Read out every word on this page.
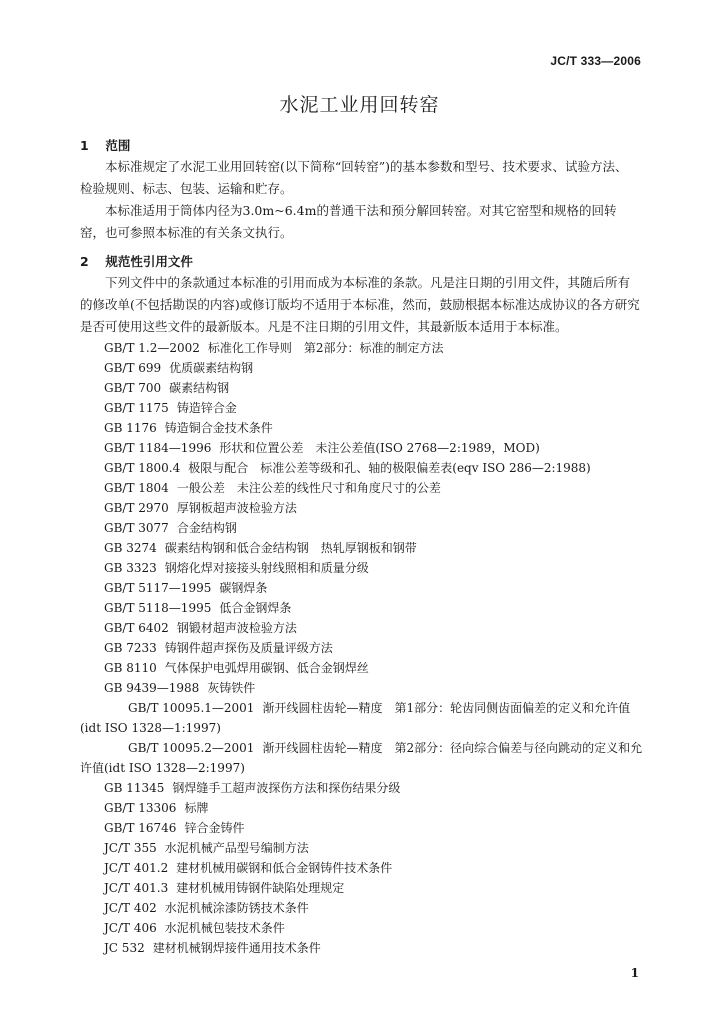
JC/T 333—2006
水泥工业用回转窑
1 范围

本标准规定了水泥工业用回转窑(以下简称“回转窑”)的基本参数和型号、技术要求、试验方法、检验规则、标志、包装、运输和贮存。

本标准适用于筒体内径为3.0m~6.4m的普通干法和预分解回转窑。对其它窑型和规格的回转窑，也可参照本标准的有关条文执行。

2 规范性引用文件

下列文件中的条款通过本标准的引用而成为本标准的条款。凡是注日期的引用文件，其随后所有的修改单(不包括勘误的内容)或修订版均不适用于本标准，然而，鼓励根据本标准达成协议的各方研究是否可使用这些文件的最新版本。凡是不注日期的引用文件，其最新版本适用于本标准。

GB/T 1.2—2002 标准化工作导则　第2部分：标准的制定方法
GB/T 699 优质碳素结构钢
GB/T 700 碳素结构钢
GB/T 1175 铸造锌合金
GB 1176 铸造铜合金技术条件
GB/T 1184—1996 形状和位置公差　未注公差值(ISO 2768—2:1989，MOD)
GB/T 1800.4 极限与配合　标准公差等级和孔、轴的极限偏差表(eqv ISO 286—2:1988)
GB/T 1804 一般公差　未注公差的线性尺寸和角度尺寸的公差
GB/T 2970 厚钢板超声波检验方法
GB/T 3077 合金结构钢
GB 3274 碳素结构钢和低合金结构钢　热轧厚钢板和钢带
GB 3323 钢熔化焊对接接头射线照相和质量分级
GB/T 5117—1995 碳钢焊条
GB/T 5118—1995 低合金钢焊条
GB/T 6402 钢锻材超声波检验方法
GB 7233 铸钢件超声探伤及质量评级方法
GB 8110 气体保护电弧焊用碳钢、低合金钢焊丝
GB 9439—1988 灰铸铁件
GB/T 10095.1—2001 渐开线圆柱齿轮—精度　第1部分：轮齿同侧齿面偏差的定义和允许值(idt ISO 1328—1:1997)
GB/T 10095.2—2001 渐开线圆柱齿轮—精度　第2部分：径向综合偏差与径向跳动的定义和允许值(idt ISO 1328—2:1997)
GB 11345 钢焊缝手工超声波探伤方法和探伤结果分级
GB/T 13306 标牌
GB/T 16746 锌合金铸件
JC/T 355 水泥机械产品型号编制方法
JC/T 401.2 建材机械用碳钢和低合金钢铸件技术条件
JC/T 401.3 建材机械用铸钢件缺陷处理规定
JC/T 402 水泥机械涂漆防锈技术条件
JC/T 406 水泥机械包装技术条件
JC 532 建材机械钢焊接件通用技术条件
1
